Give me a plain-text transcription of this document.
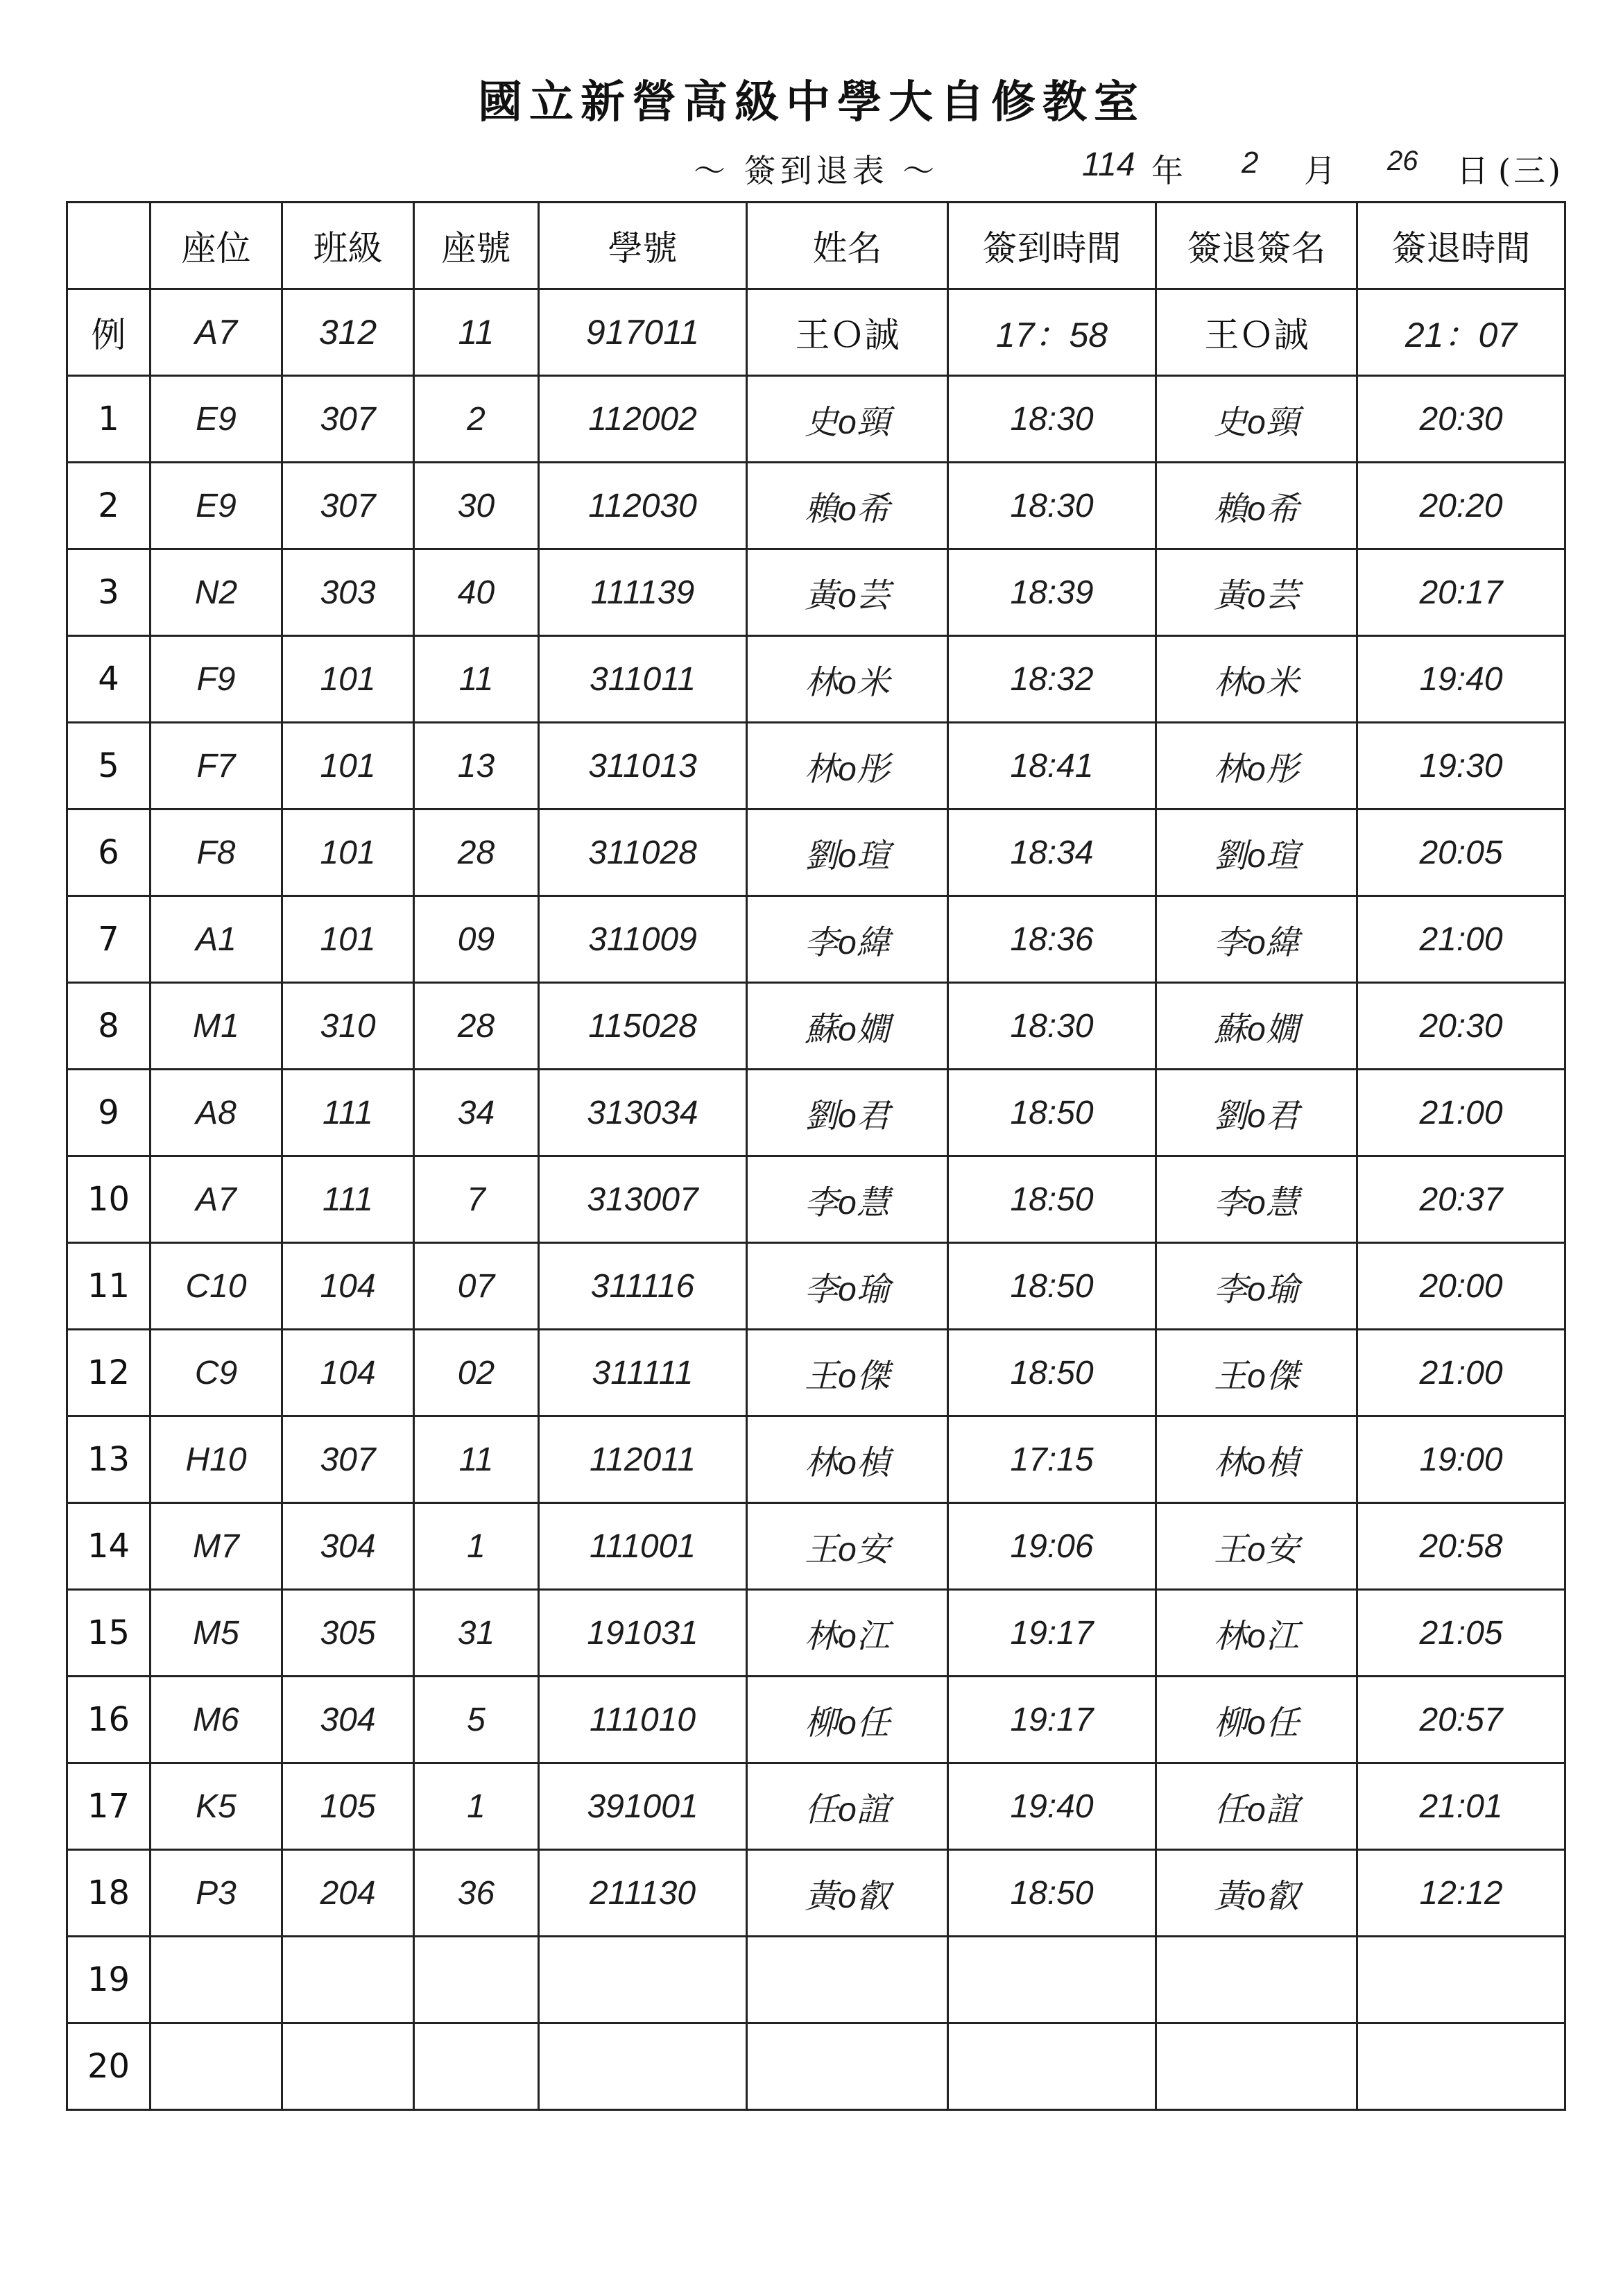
國立新營高級中學大自修教室
～ 簽到退表 ～	114 年 2 月 26 日 (三)
	座位	班級	座號	學號	姓名	簽到時間	簽退簽名	簽退時間
例	A7	312	11	917011	王Ｏ誠	17：58	王Ｏ誠	21：07
1	E9	307	2	112002	史o頸	18:30	史o頸	20:30
2	E9	307	30	112030	賴o希	18:30	賴o希	20:20
3	N2	303	40	111139	黃o芸	18:39	黃o芸	20:17
4	F9	101	11	311011	林o米	18:32	林o米	19:40
5	F7	101	13	311013	林o彤	18:41	林o彤	19:30
6	F8	101	28	311028	劉o瑄	18:34	劉o瑄	20:05
7	A1	101	09	311009	李o緯	18:36	李o緯	21:00
8	M1	310	28	115028	蘇o嫺	18:30	蘇o嫺	20:30
9	A8	111	34	313034	劉o君	18:50	劉o君	21:00
10	A7	111	7	313007	李o慧	18:50	李o慧	20:37
11	C10	104	07	311116	李o瑜	18:50	李o瑜	20:00
12	C9	104	02	311111	王o傑	18:50	王o傑	21:00
13	H10	307	11	112011	林o楨	17:15	林o楨	19:00
14	M7	304	1	111001	王o安	19:06	王o安	20:58
15	M5	305	31	191031	林o江	19:17	林o江	21:05
16	M6	304	5	111010	柳o任	19:17	柳o任	20:57
17	K5	105	1	391001	任o誼	19:40	任o誼	21:01
18	P3	204	36	211130	黃o叡	18:50	黃o叡	12:12
19								
20								
